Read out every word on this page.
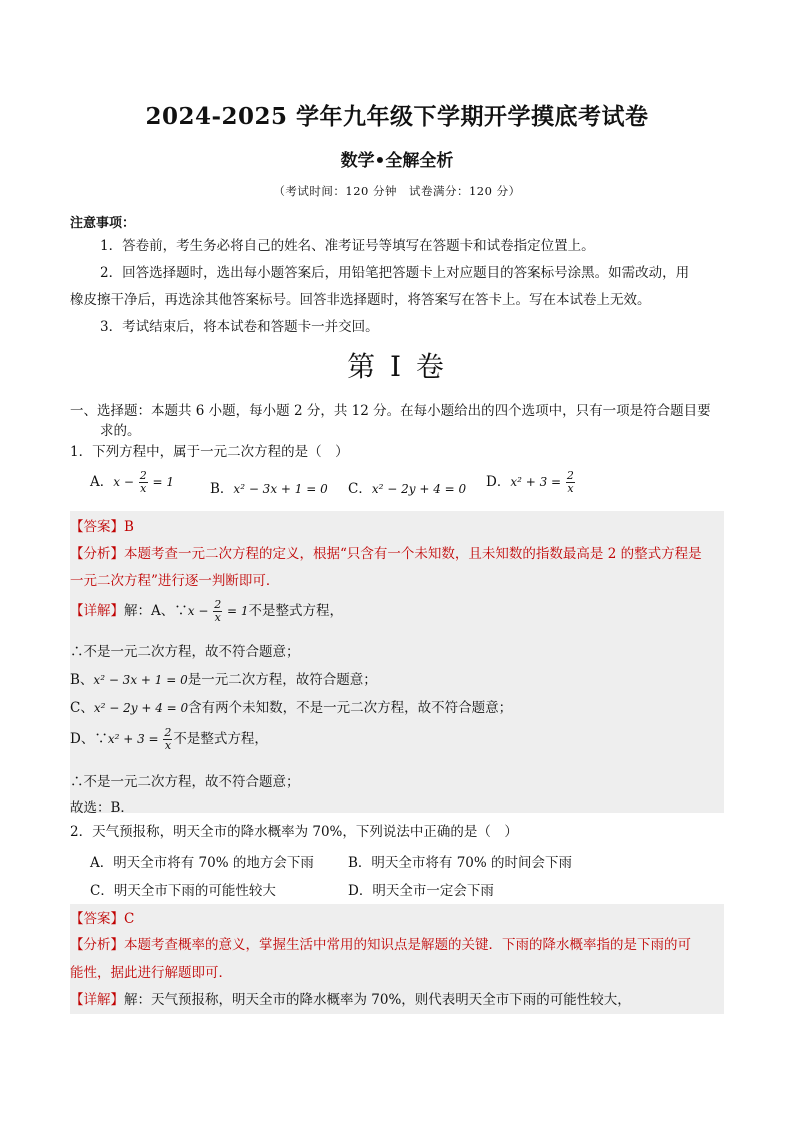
2024-2025 学年九年级下学期开学摸底考试卷
数学•全解全析
（考试时间：120 分钟　试卷满分：120 分）
注意事项：
1．答卷前，考生务必将自己的姓名、准考证号等填写在答题卡和试卷指定位置上。
2．回答选择题时，选出每小题答案后，用铅笔把答题卡上对应题目的答案标号涂黑。如需改动，用
橡皮擦干净后，再选涂其他答案标号。回答非选择题时，将答案写在答卡上。写在本试卷上无效。
3．考试结束后，将本试卷和答题卡一并交回。
第 I 卷
一、选择题：本题共 6 小题，每小题 2 分，共 12 分。在每小题给出的四个选项中，只有一项是符合题目要
求的。
1．下列方程中，属于一元二次方程的是（　）
A．$x - \frac{2}{x} = 1$	B．x² − 3x + 1 = 0 C．x² − 2y + 4 = 0 D．$x^2 + 3 = \frac{2}{x}$
【答案】B
【分析】本题考查一元二次方程的定义，根据“只含有一个未知数，且未知数的指数最高是 2 的整式方程是
一元二次方程”进行逐一判断即可．
【详解】解：A、∵x − $\frac{2}{x} = 1$不是整式方程，
∴不是一元二次方程，故不符合题意；
B、x² − 3x + 1 = 0是一元二次方程，故符合题意；
C、x² − 2y + 4 = 0含有两个未知数，不是一元二次方程，故不符合题意；
D、∵x² + $3 = \frac{2}{x}$ 不是整式方程，
∴不是一元二次方程，故不符合题意；
故选：B．
2．天气预报称，明天全市的降水概率为 70%，下列说法中正确的是（　）
A．明天全市将有 70% 的地方会下雨	B．明天全市将有 70% 的时间会下雨
C．明天全市下雨的可能性较大	D．明天全市一定会下雨
【答案】C
【分析】本题考查概率的意义，掌握生活中常用的知识点是解题的关键．下雨的降水概率指的是下雨的可
能性，据此进行解题即可．
【详解】解：天气预报称，明天全市的降水概率为 70%，则代表明天全市下雨的可能性较大，
